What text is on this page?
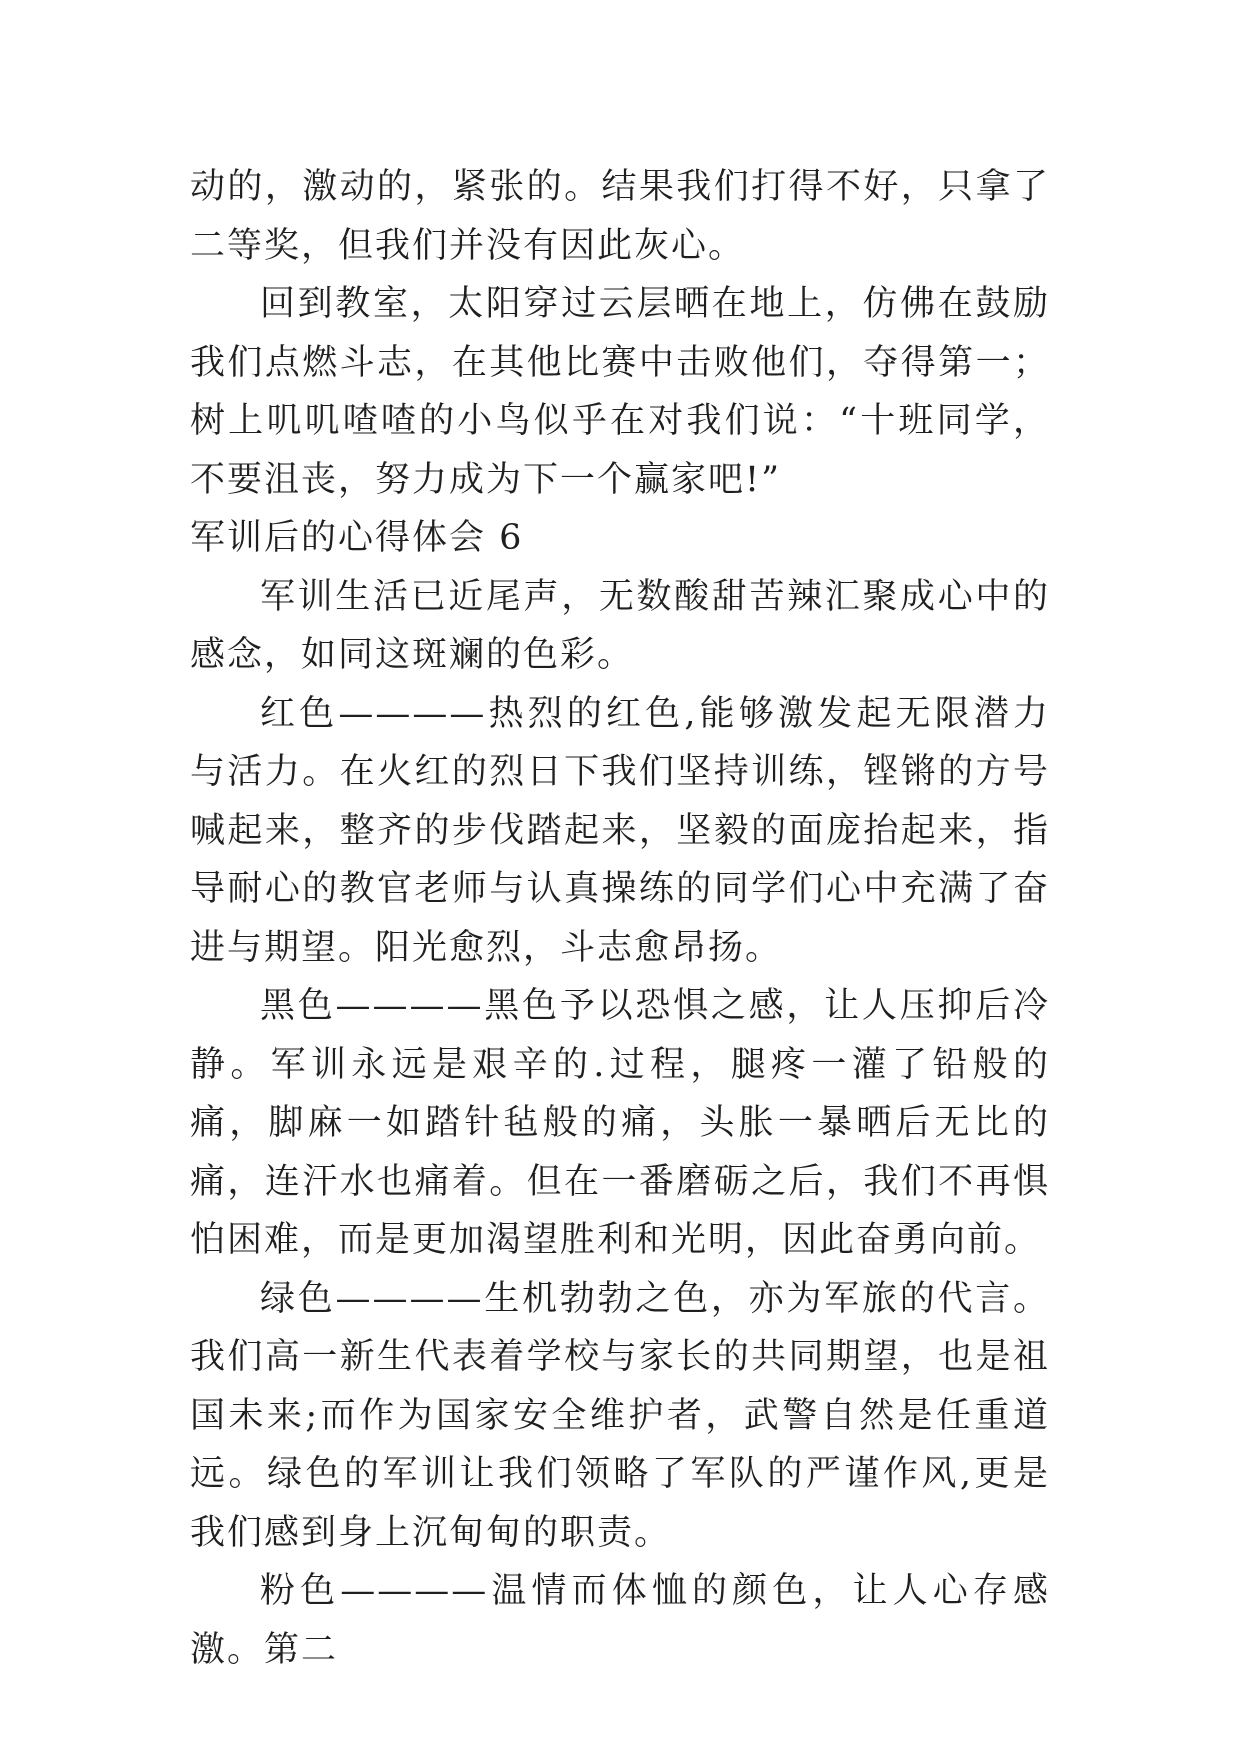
动的，激动的，紧张的。结果我们打得不好，只拿了二等奖，但我们并没有因此灰心。

回到教室，太阳穿过云层晒在地上，仿佛在鼓励我们点燃斗志，在其他比赛中击败他们，夺得第一；树上叽叽喳喳的小鸟似乎在对我们说：“十班同学，不要沮丧，努力成为下一个赢家吧!”

军训后的心得体会 6

军训生活已近尾声，无数酸甜苦辣汇聚成心中的感念，如同这斑斓的色彩。

红色————热烈的红色,能够激发起无限潜力与活力。在火红的烈日下我们坚持训练，铿锵的方号喊起来，整齐的步伐踏起来，坚毅的面庞抬起来，指导耐心的教官老师与认真操练的同学们心中充满了奋进与期望。阳光愈烈，斗志愈昂扬。

黑色————黑色予以恐惧之感，让人压抑后冷静。军训永远是艰辛的.过程，腿疼一灌了铅般的痛，脚麻一如踏针毡般的痛，头胀一暴晒后无比的痛，连汗水也痛着。但在一番磨砺之后，我们不再惧怕困难，而是更加渴望胜利和光明，因此奋勇向前。

绿色————生机勃勃之色，亦为军旅的代言。我们高一新生代表着学校与家长的共同期望，也是祖国未来;而作为国家安全维护者，武警自然是任重道远。绿色的军训让我们领略了军队的严谨作风,更是我们感到身上沉甸甸的职责。

粉色————温情而体恤的颜色，让人心存感激。第二
